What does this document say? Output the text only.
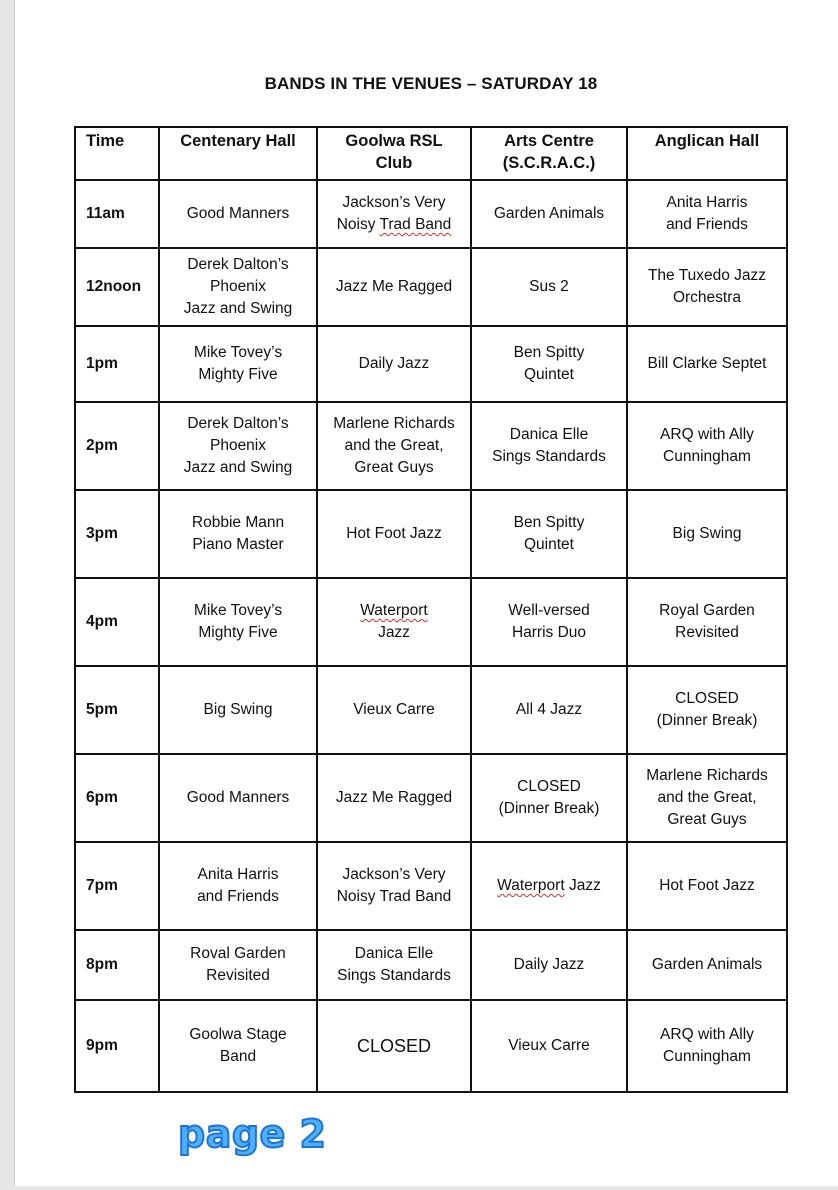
BANDS IN THE VENUES – SATURDAY 18
Time	Centenary Hall	Goolwa RSL
Club	Arts Centre
(S.C.R.A.C.)	Anglican Hall
11am	Good Manners	Jackson’s Very
Noisy Trad Band	Garden Animals	Anita Harris
and Friends
12noon	Derek Dalton’s
Phoenix
Jazz and Swing	Jazz Me Ragged	Sus 2	The Tuxedo Jazz
Orchestra
1pm	Mike Tovey’s
Mighty Five	Daily Jazz	Ben Spitty
Quintet	Bill Clarke Septet
2pm	Derek Dalton’s
Phoenix
Jazz and Swing	Marlene Richards
and the Great,
Great Guys	Danica Elle
Sings Standards	ARQ with Ally
Cunningham
3pm	Robbie Mann
Piano Master	Hot Foot Jazz	Ben Spitty
Quintet	Big Swing
4pm	Mike Tovey’s
Mighty Five	Waterport
Jazz	Well-versed
Harris Duo	Royal Garden
Revisited
5pm	Big Swing	Vieux Carre	All 4 Jazz	CLOSED
(Dinner Break)
6pm	Good Manners	Jazz Me Ragged	CLOSED
(Dinner Break)	Marlene Richards
and the Great,
Great Guys
7pm	Anita Harris
and Friends	Jackson’s Very
Noisy Trad Band	Waterport Jazz	Hot Foot Jazz
8pm	Roval Garden
Revisited	Danica Elle
Sings Standards	Daily Jazz	Garden Animals
9pm	Goolwa Stage
Band	CLOSED	Vieux Carre	ARQ with Ally
Cunningham
page 2
